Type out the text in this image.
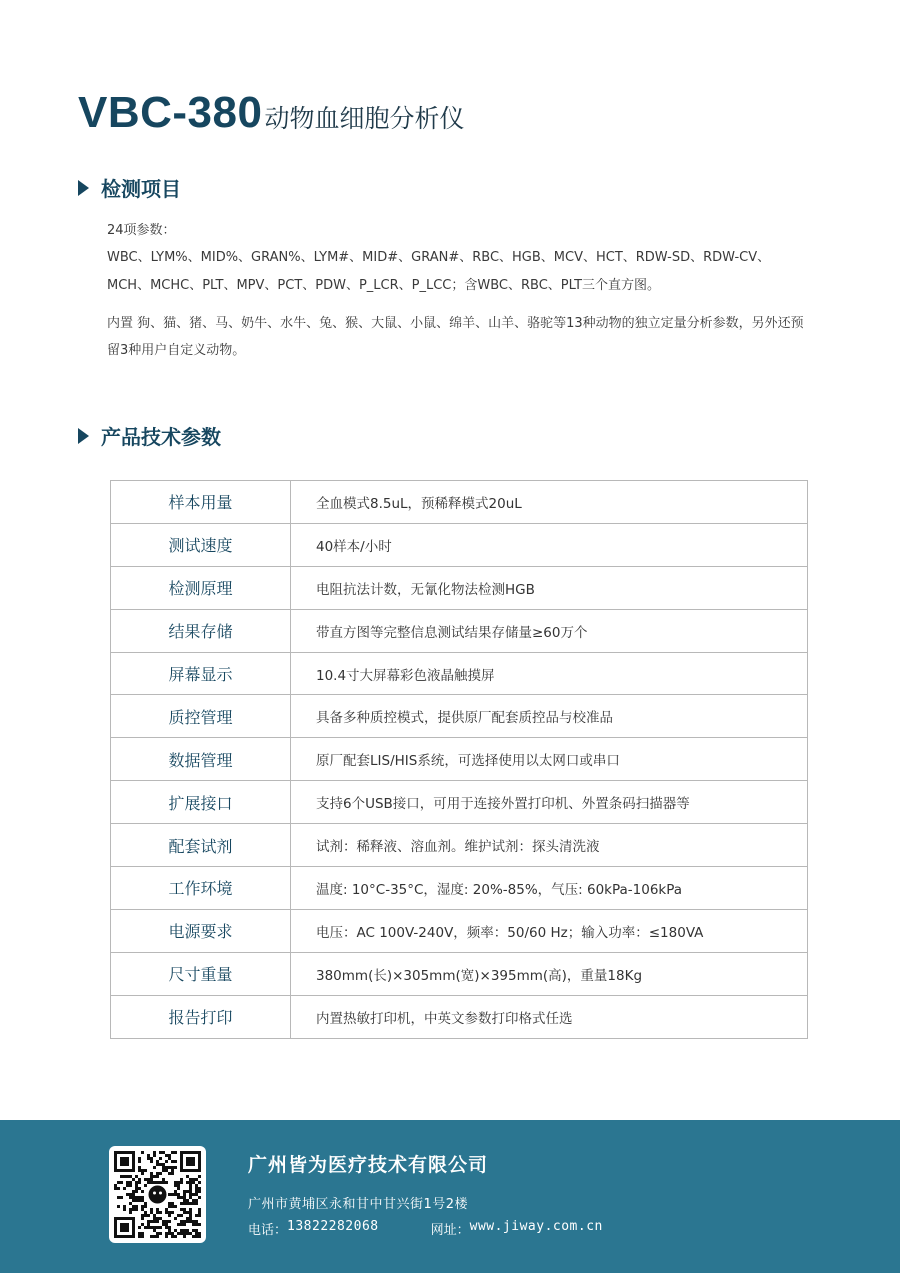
VBC-380 动物血细胞分析仪
检测项目

24项参数：

WBC、LYM%、MID%、GRAN%、LYM#、MID#、GRAN#、RBC、HGB、MCV、HCT、RDW-SD、RDW-CV、MCH、MCHC、PLT、MPV、PCT、PDW、P_LCR、P_LCC；含WBC、RBC、PLT三个直方图。

内置 狗、猫、猪、马、奶牛、水牛、兔、猴、大鼠、小鼠、绵羊、山羊、骆驼等13种动物的独立定量分析参数，另外还预留3种用户自定义动物。

产品技术参数
样本用量	全血模式8.5uL，预稀释模式20uL
测试速度	40样本/小时
检测原理	电阻抗法计数，无氰化物法检测HGB
结果存储	带直方图等完整信息测试结果存储量≥60万个
屏幕显示	10.4寸大屏幕彩色液晶触摸屏
质控管理	具备多种质控模式，提供原厂配套质控品与校准品
数据管理	原厂配套LIS/HIS系统，可选择使用以太网口或串口
扩展接口	支持6个USB接口，可用于连接外置打印机、外置条码扫描器等
配套试剂	试剂：稀释液、溶血剂。维护试剂：探头清洗液
工作环境	温度: 10°C-35°C，湿度: 20%-85%，气压: 60kPa-106kPa
电源要求	电压：AC 100V-240V，频率：50/60 Hz；输入功率：≤180VA
尺寸重量	380mm(长)×305mm(宽)×395mm(高)，重量18Kg
报告打印	内置热敏打印机，中英文参数打印格式任选
广州皆为医疗技术有限公司
广州市黄埔区永和甘中甘兴街1号2楼
电话： 13822282068	网址： www.jiway.com.cn
